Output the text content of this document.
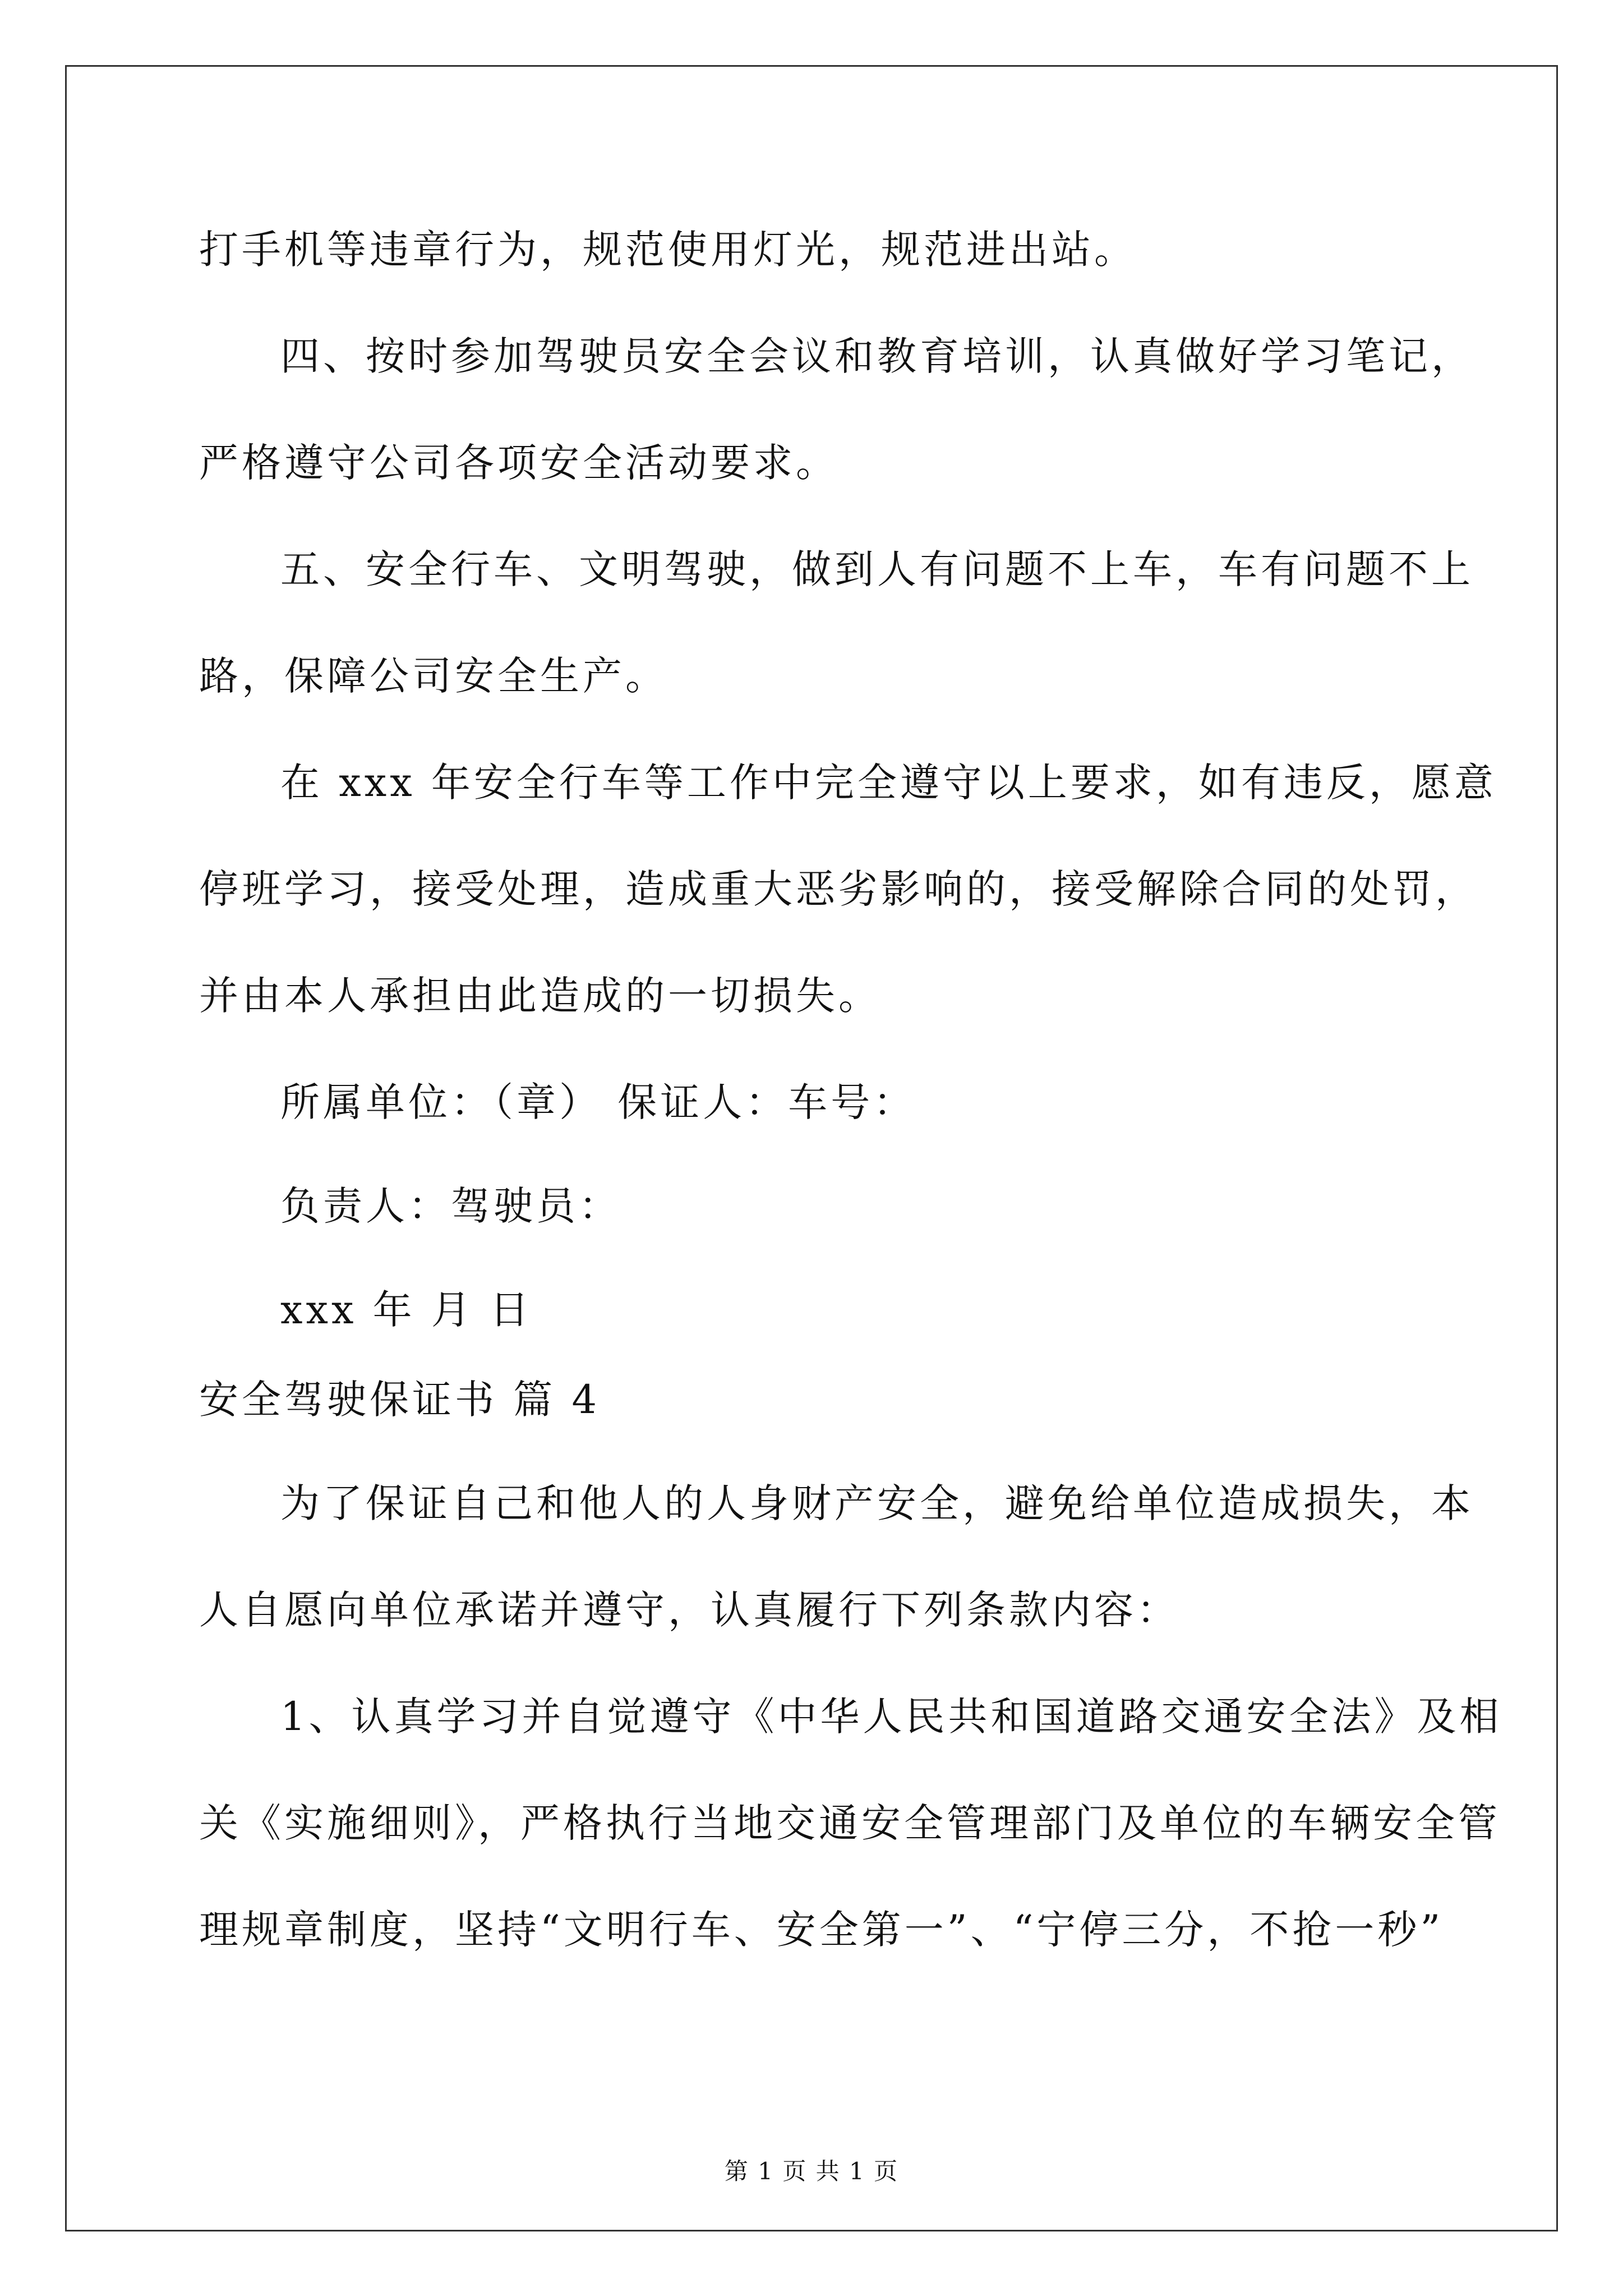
打手机等违章行为，规范使用灯光，规范进出站。
四、按时参加驾驶员安全会议和教育培训，认真做好学习笔记，
严格遵守公司各项安全活动要求。
五、安全行车、文明驾驶，做到人有问题不上车，车有问题不上
路，保障公司安全生产。
在 xxx 年安全行车等工作中完全遵守以上要求，如有违反，愿意
停班学习，接受处理，造成重大恶劣影响的，接受解除合同的处罚，
并由本人承担由此造成的一切损失。
所属单位：（章） 保证人：车号：
负责人：驾驶员：
xxx 年 月 日
安全驾驶保证书 篇 4
为了保证自己和他人的人身财产安全，避免给单位造成损失，本
人自愿向单位承诺并遵守，认真履行下列条款内容：
1、认真学习并自觉遵守《中华人民共和国道路交通安全法》及相
关《实施细则》，严格执行当地交通安全管理部门及单位的车辆安全管
理规章制度，坚持“文明行车、安全第一”、“宁停三分，不抢一秒”
第 1 页 共 1 页
